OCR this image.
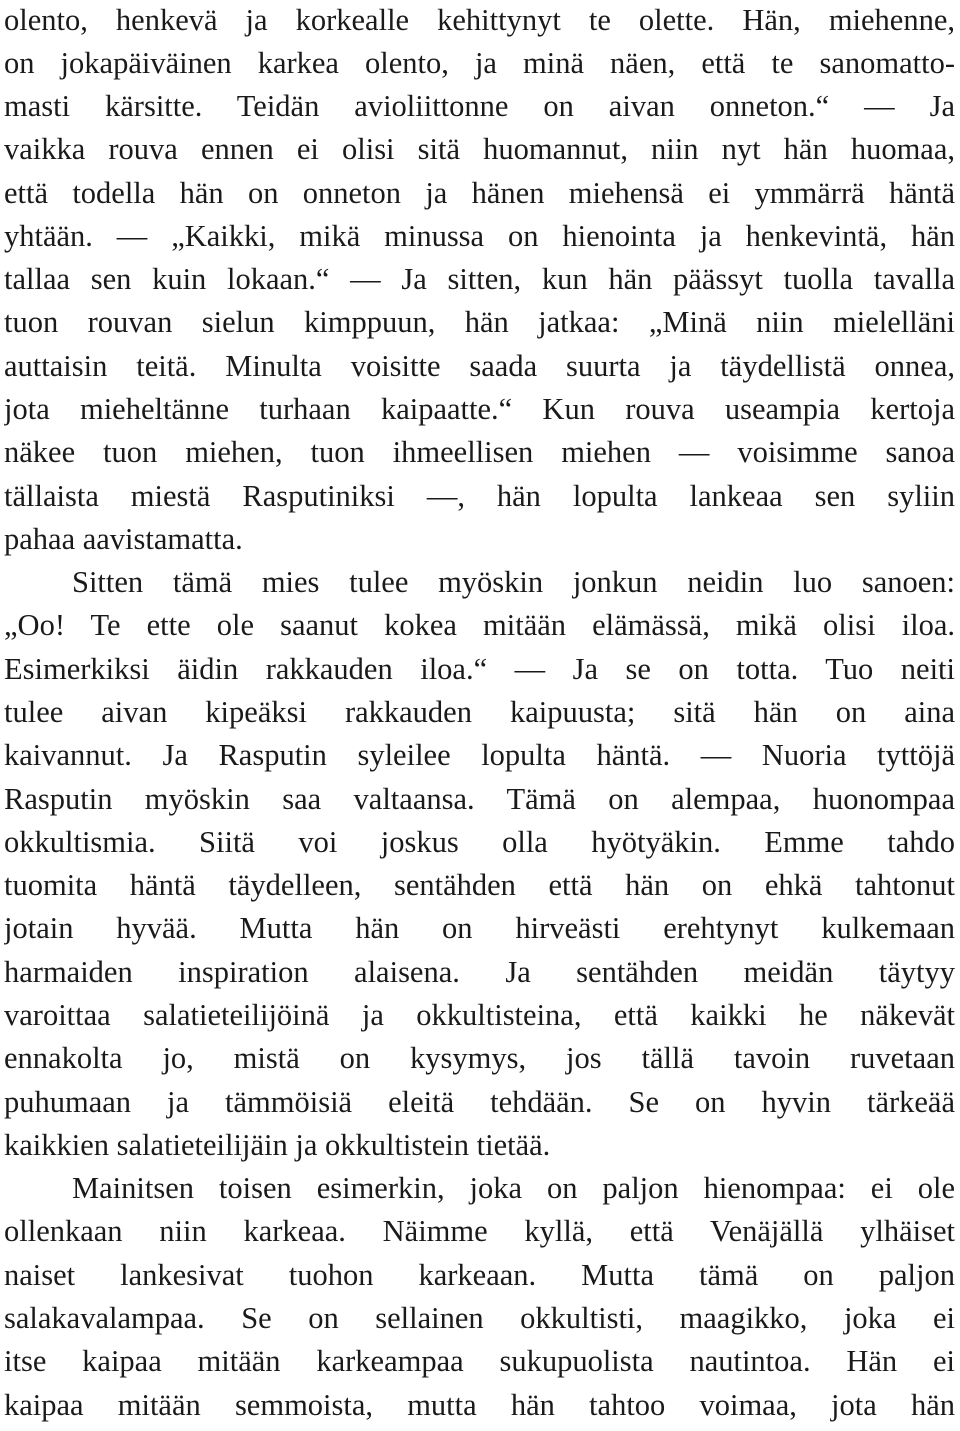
olento, henkevä ja korkealle kehittynyt te olette. Hän, miehenne,
on jokapäiväinen karkea olento, ja minä näen, että te sanomatto-
masti kärsitte. Teidän avioliittonne on aivan onneton.“ — Ja
vaikka rouva ennen ei olisi sitä huomannut, niin nyt hän huomaa,
että todella hän on onneton ja hänen miehensä ei ymmärrä häntä
yhtään. — „Kaikki, mikä minussa on hienointa ja henkevintä, hän
tallaa sen kuin lokaan.“ — Ja sitten, kun hän päässyt tuolla tavalla
tuon rouvan sielun kimppuun, hän jatkaa: „Minä niin mielelläni
auttaisin teitä. Minulta voisitte saada suurta ja täydellistä onnea,
jota mieheltänne turhaan kaipaatte.“ Kun rouva useampia kertoja
näkee tuon miehen, tuon ihmeellisen miehen — voisimme sanoa
tällaista miestä Rasputiniksi —, hän lopulta lankeaa sen syliin
pahaa aavistamatta.
Sitten tämä mies tulee myöskin jonkun neidin luo sanoen:
„Oo! Te ette ole saanut kokea mitään elämässä, mikä olisi iloa.
Esimerkiksi äidin rakkauden iloa.“ — Ja se on totta. Tuo neiti
tulee aivan kipeäksi rakkauden kaipuusta; sitä hän on aina
kaivannut. Ja Rasputin syleilee lopulta häntä. — Nuoria tyttöjä
Rasputin myöskin saa valtaansa. Tämä on alempaa, huonompaa
okkultismia. Siitä voi joskus olla hyötyäkin. Emme tahdo
tuomita häntä täydelleen, sentähden että hän on ehkä tahtonut
jotain hyvää. Mutta hän on hirveästi erehtynyt kulkemaan
harmaiden inspiration alaisena. Ja sentähden meidän täytyy
varoittaa salatieteilijöinä ja okkultisteina, että kaikki he näkevät
ennakolta jo, mistä on kysymys, jos tällä tavoin ruvetaan
puhumaan ja tämmöisiä eleitä tehdään. Se on hyvin tärkeää
kaikkien salatieteilijäin ja okkultistein tietää.
Mainitsen toisen esimerkin, joka on paljon hienompaa: ei ole
ollenkaan niin karkeaa. Näimme kyllä, että Venäjällä ylhäiset
naiset lankesivat tuohon karkeaan. Mutta tämä on paljon
salakavalampaa. Se on sellainen okkultisti, maagikko, joka ei
itse kaipaa mitään karkeampaa sukupuolista nautintoa. Hän ei
kaipaa mitään semmoista, mutta hän tahtoo voimaa, jota hän
